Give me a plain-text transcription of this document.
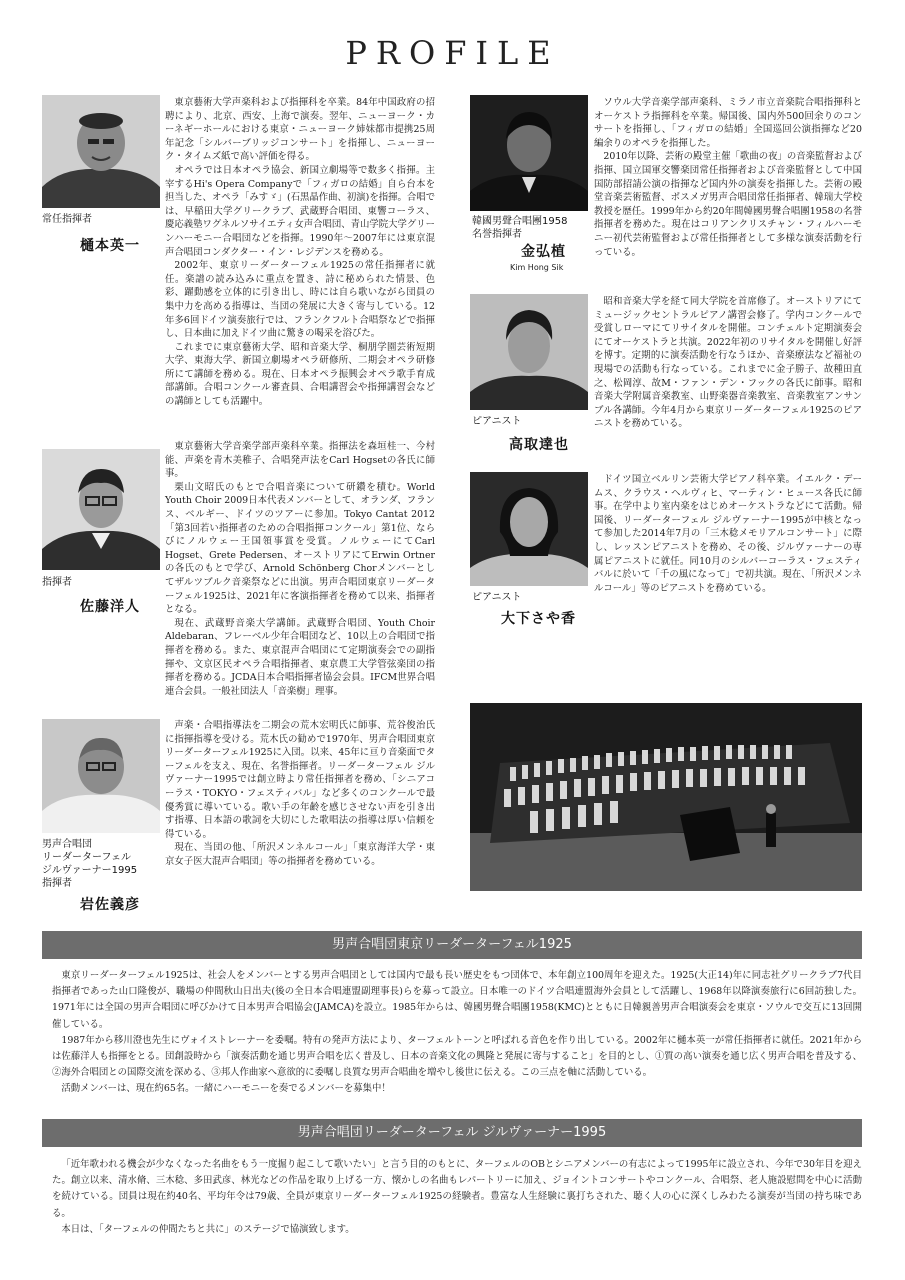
PROFILE
常任指揮者
樋本英一

東京藝術大学声楽科および指揮科を卒業。84年中国政府の招聘により、北京、西安、上海で演奏。翌年、ニューヨーク・カーネギーホールにおける東京・ニューヨーク姉妹都市提携25周年記念「シルバーブリッジコンサート」を指揮し、ニューヨーク・タイムズ紙で高い評価を得る。

オペラでは日本オペラ協会、新国立劇場等で数多く指揮。主宰するHi's Opera Companyで「フィガロの結婚」自ら台本を担当した、オペラ「みすゞ」(石黒晶作曲、初演)を指揮。合唱では、早稲田大学グリークラブ、武蔵野合唱団、東響コーラス、慶応義塾ワグネルソサイエティ女声合唱団、青山学院大学グリーンハーモニー合唱団などを指揮。1990年～2007年には東京混声合唱団コンダクター・イン・レジデンスを務める。

2002年、東京リーダーターフェル1925の常任指揮者に就任。楽譜の読み込みに重点を置き、詩に秘められた情景、色彩、躍動感を立体的に引き出し、時には自ら歌いながら団員の集中力を高める指導は、当団の発展に大きく寄与している。12年多6回ドイツ演奏旅行では、フランクフルト合唱祭などで指揮し、日本曲に加えドイツ曲に驚きの喝采を浴びた。

これまでに東京藝術大学、昭和音楽大学、桐朋学園芸術短期大学、東海大学、新国立劇場オペラ研修所、二期会オペラ研修所にて講師を務める。現在、日本オペラ振興会オペラ歌手育成部講師。合唱コンクール審査員、合唱講習会や指揮講習会などの講師としても活躍中。

指揮者
佐藤洋人

東京藝術大学音楽学部声楽科卒業。指揮法を森垣桂一、今村能、声楽を青木美稚子、合唱発声法をCarl Hogsetの各氏に師事。

栗山文昭氏のもとで合唱音楽について研鑽を積む。World Youth Choir 2009日本代表メンバーとして、オランダ、フランス、ベルギー、ドイツのツアーに参加。Tokyo Cantat 2012「第3回若い指揮者のための合唱指揮コンクール」第1位、ならびにノルウェー王国領事賞を受賞。ノルウェーにてCarl Hogset、Grete Pedersen、オーストリアにてErwin Ortnerの各氏のもとで学び、Arnold Schönberg Chorメンバーとしてザルツブルク音楽祭などに出演。男声合唱団東京リーダーターフェル1925は、2021年に客演指揮者を務めて以来、指揮者となる。

現在、武蔵野音楽大学講師。武蔵野合唱団、Youth Choir Aldebaran、フレーベル少年合唱団など、10以上の合唱団で指揮者を務める。また、東京混声合唱団にて定期演奏会での副指揮や、文京区民オペラ合唱指揮者、東京農工大学管弦楽団の指揮者を務める。JCDA日本合唱指揮者協会会員。IFCM世界合唱連合会員。一般社団法人「音楽樹」理事。

男声合唱団
リーダーターフェル
ジルヴァーナー1995
指揮者
岩佐義彦

声楽・合唱指導法を二期会の荒木宏明氏に師事、荒谷俊治氏に指揮指導を受ける。荒木氏の勧めで1970年、男声合唱団東京リーダーターフェル1925に入団。以来、45年に亘り音楽面でターフェルを支え、現在、名誉指揮者。リーダーターフェル ジルヴァーナー1995では創立時より常任指揮者を務め、「シニアコーラス・TOKYO・フェスティバル」など多くのコンクールで最優秀賞に導いている。歌い手の年齢を感じさせない声を引き出す指導、日本語の歌詞を大切にした歌唱法の指導は厚い信頼を得ている。

現在、当団の他、「所沢メンネルコール」「東京海洋大学・東京女子医大混声合唱団」等の指揮者を務めている。

韓國男聲合唱團1958
名誉指揮者
金弘植
Kim Hong Sik

ソウル大学音楽学部声楽科、ミラノ市立音楽院合唱指揮科とオーケストラ指揮科を卒業。帰国後、国内外500回余りのコンサートを指揮し、「フィガロの結婚」全国巡回公演指揮など20編余りのオペラを指揮した。

2010年以降、芸術の殿堂主催「歌曲の夜」の音楽監督および指揮、国立国軍交響楽団常任指揮者および音楽監督として中国国防部招請公演の指揮など国内外の演奏を指揮した。芸術の殿堂音楽芸術監督、ボスメガ男声合唱団常任指揮者、韓瑞大学校教授を歴任。1999年から約20年間韓國男聲合唱團1958の名誉指揮者を務めた。現在はコリアンクリスチャン・フィルハーモニー初代芸術監督および常任指揮者として多様な演奏活動を行っている。

ピアニスト
高取達也

昭和音楽大学を経て同大学院を首席修了。オーストリアにてミュージックセントラルピアノ講習会修了。学内コンクールで受賞しローマにてリサイタルを開催。コンチェルト定期演奏会にてオーケストラと共演。2022年初のリサイタルを開催し好評を博す。定期的に演奏活動を行なうほか、音楽療法など福祉の現場での活動も行なっている。これまでに金子勝子、故種田直之、松岡淳、故M・ファン・デン・フックの各氏に師事。昭和音楽大学附属音楽教室、山野楽器音楽教室、音楽教室アンサンブル各講師。今年4月から東京リーダーターフェル1925のピアニストを務めている。

ピアニスト
大下さや香

ドイツ国立ベルリン芸術大学ピアノ科卒業。イエルク・デームス、クラウス・ヘルヴィヒ、マーティン・ヒュース各氏に師事。在学中より室内楽をはじめオーケストラなどにて活動。帰国後、リーダーターフェル ジルヴァーナー1995が中核となって参加した2014年7月の「三木稔メモリアルコンサート」に際し、レッスンピアニストを務め、その後、ジルヴァーナーの専属ピアニストに就任。同10月のシルバーコーラス・フェスティバルに於いて「千の風になって」で初共演。現在、「所沢メンネルコール」等のピアニストを務めている。

男声合唱団東京リーダーターフェル1925

東京リーダーターフェル1925は、社会人をメンバーとする男声合唱団としては国内で最も長い歴史をもつ団体で、本年創立100周年を迎えた。1925(大正14)年に同志社グリークラブ7代目指揮者であった山口隆俊が、職場の仲間秋山日出夫(後の全日本合唱連盟副理事長)らを募って設立。日本唯一のドイツ合唱連盟海外会員として活躍し、1968年以降演奏旅行に6回訪独した。1971年には全国の男声合唱団に呼びかけて日本男声合唱協会(JAMCA)を設立。1985年からは、韓國男聲合唱團1958(KMC)とともに日韓親善男声合唱演奏会を東京・ソウルで交互に13回開催している。

1987年から移川澄也先生にヴォイストレーナーを委嘱。特有の発声方法により、ターフェルトーンと呼ばれる音色を作り出している。2002年に樋本英一が常任指揮者に就任。2021年からは佐藤洋人も指揮をとる。団創設時から「演奏活動を通じ男声合唱を広く普及し、日本の音楽文化の興隆と発展に寄与すること」を目的とし、①質の高い演奏を通じ広く男声合唱を普及する、②海外合唱団との国際交流を深める、③邦人作曲家へ意欲的に委嘱し良質な男声合唱曲を増やし後世に伝える。この三点を軸に活動している。

活動メンバーは、現在約65名。一緒にハーモニーを奏でるメンバーを募集中！

男声合唱団リーダーターフェル ジルヴァーナー1995

「近年歌われる機会が少なくなった名曲をもう一度掘り起こして歌いたい」と言う目的のもとに、ターフェルのOBとシニアメンバーの有志によって1995年に設立され、今年で30年目を迎えた。創立以来、清水脩、三木稔、多田武彦、林光などの作品を取り上げる一方、懐かしの名曲もレパートリーに加え、ジョイントコンサートやコンクール、合唱祭、老人施設慰問を中心に活動を続けている。団員は現在約40名、平均年令は79歳、全員が東京リーダーターフェル1925の経験者。豊富な人生経験に裏打ちされた、聴く人の心に深くしみわたる演奏が当団の持ち味である。

本日は、「ターフェルの仲間たちと共に」のステージで協演致します。
